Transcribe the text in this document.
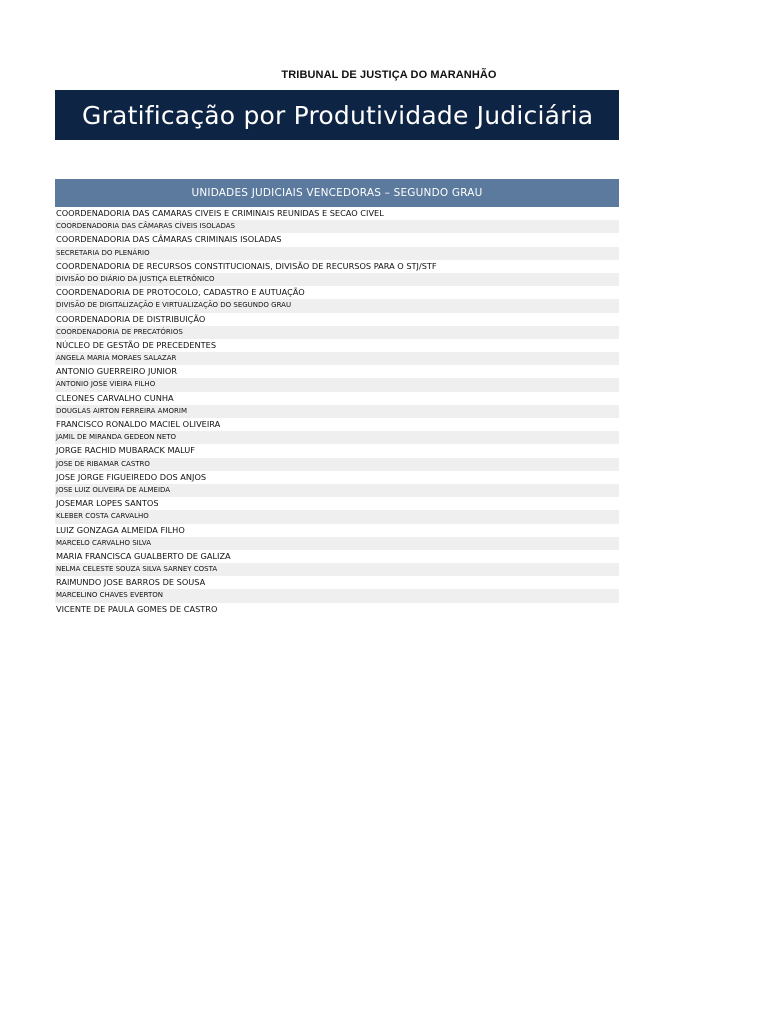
TRIBUNAL DE JUSTIÇA DO MARANHÃO
Gratificação por Produtividade Judiciária
UNIDADES JUDICIAIS VENCEDORAS – SEGUNDO GRAU
COORDENADORIA DAS CAMARAS CIVEIS E CRIMINAIS REUNIDAS E SECAO CIVEL
COORDENADORIA DAS CÂMARAS CÍVEIS ISOLADAS
COORDENADORIA DAS CÂMARAS CRIMINAIS ISOLADAS
SECRETARIA DO PLENÁRIO
COORDENADORIA DE RECURSOS CONSTITUCIONAIS, DIVISÃO DE RECURSOS PARA O STJ/STF
DIVISÃO DO DIÁRIO DA JUSTIÇA ELETRÔNICO
COORDENADORIA DE PROTOCOLO, CADASTRO E AUTUAÇÃO
DIVISÃO DE DIGITALIZAÇÃO E VIRTUALIZAÇÃO DO SEGUNDO GRAU
COORDENADORIA DE DISTRIBUIÇÃO
COORDENADORIA DE PRECATÓRIOS
NÚCLEO DE GESTÃO DE PRECEDENTES
ANGELA MARIA MORAES SALAZAR
ANTONIO GUERREIRO JUNIOR
ANTONIO JOSE VIEIRA FILHO
CLEONES CARVALHO CUNHA
DOUGLAS AIRTON FERREIRA AMORIM
FRANCISCO RONALDO MACIEL OLIVEIRA
JAMIL DE MIRANDA GEDEON NETO
JORGE RACHID MUBARACK MALUF
JOSE DE RIBAMAR CASTRO
JOSE JORGE FIGUEIREDO DOS ANJOS
JOSE LUIZ OLIVEIRA DE ALMEIDA
JOSEMAR LOPES SANTOS
KLEBER COSTA CARVALHO
LUIZ GONZAGA ALMEIDA FILHO
MARCELO CARVALHO SILVA
MARIA FRANCISCA GUALBERTO DE GALIZA
NELMA CELESTE SOUZA SILVA SARNEY COSTA
RAIMUNDO JOSE BARROS DE SOUSA
MARCELINO CHAVES EVERTON
VICENTE DE PAULA GOMES DE CASTRO
